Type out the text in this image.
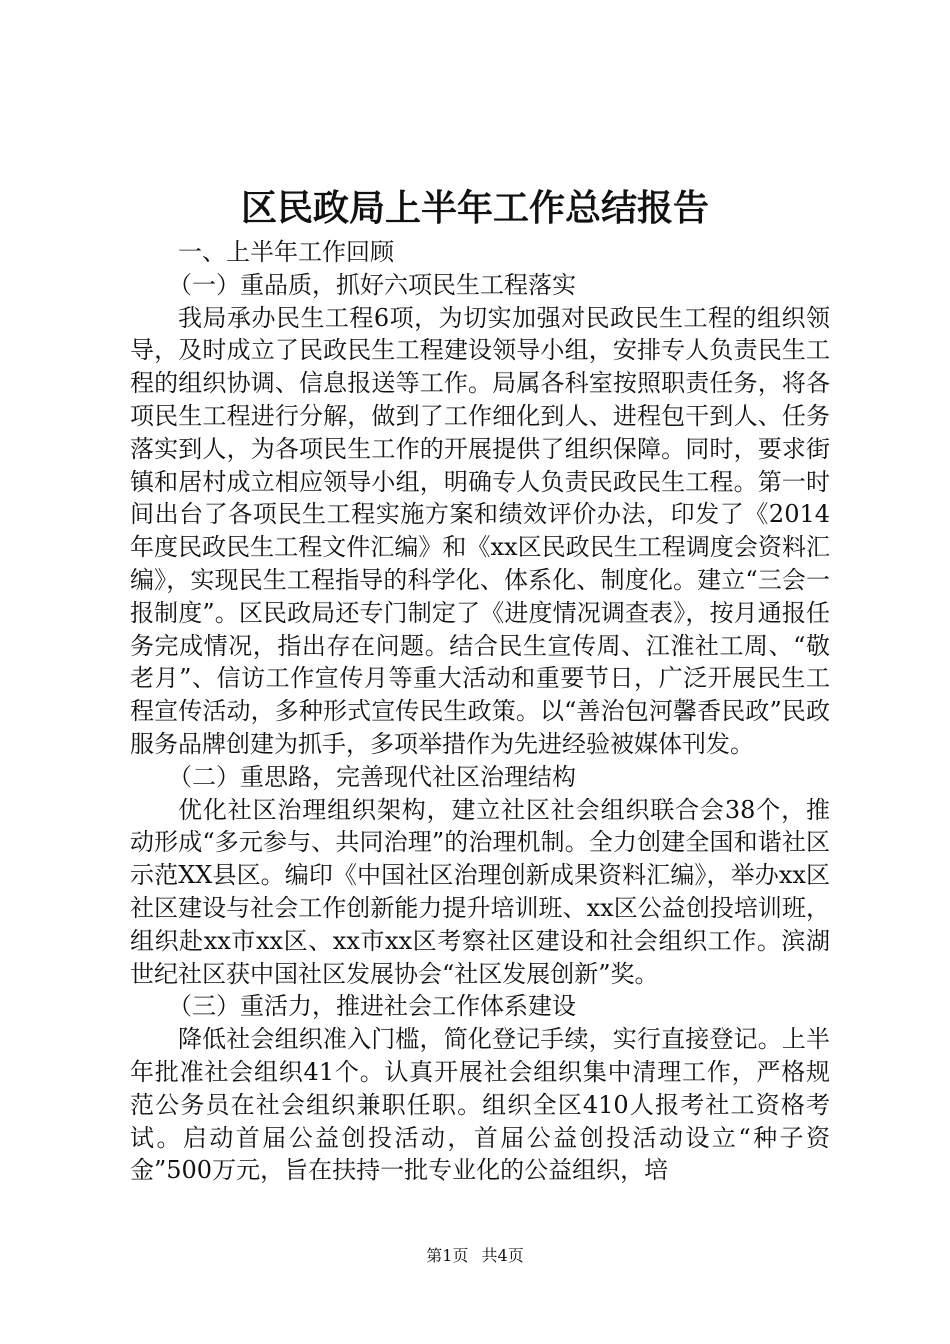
区民政局上半年工作总结报告

一、上半年工作回顾

（一）重品质，抓好六项民生工程落实

我局承办民生工程6项，为切实加强对民政民生工程的组织领导，及时成立了民政民生工程建设领导小组，安排专人负责民生工程的组织协调、信息报送等工作。局属各科室按照职责任务，将各项民生工程进行分解，做到了工作细化到人、进程包干到人、任务落实到人，为各项民生工作的开展提供了组织保障。同时，要求街镇和居村成立相应领导小组，明确专人负责民政民生工程。第一时间出台了各项民生工程实施方案和绩效评价办法，印发了《2014年度民政民生工程文件汇编》和《xx区民政民生工程调度会资料汇编》，实现民生工程指导的科学化、体系化、制度化。建立“三会一报制度”。区民政局还专门制定了《进度情况调查表》，按月通报任务完成情况，指出存在问题。结合民生宣传周、江淮社工周、“敬老月”、信访工作宣传月等重大活动和重要节日，广泛开展民生工程宣传活动，多种形式宣传民生政策。以“善治包河馨香民政”民政服务品牌创建为抓手，多项举措作为先进经验被媒体刊发。

（二）重思路，完善现代社区治理结构

优化社区治理组织架构，建立社区社会组织联合会38个，推动形成“多元参与、共同治理”的治理机制。全力创建全国和谐社区示范XX县区。编印《中国社区治理创新成果资料汇编》，举办xx区社区建设与社会工作创新能力提升培训班、xx区公益创投培训班，组织赴xx市xx区、xx市xx区考察社区建设和社会组织工作。滨湖世纪社区获中国社区发展协会“社区发展创新”奖。

（三）重活力，推进社会工作体系建设

降低社会组织准入门槛，简化登记手续，实行直接登记。上半年批准社会组织41个。认真开展社会组织集中清理工作，严格规范公务员在社会组织兼职任职。组织全区410人报考社工资格考试。启动首届公益创投活动，首届公益创投活动设立“种子资金”500万元，旨在扶持一批专业化的公益组织，培

第1页 共4页
